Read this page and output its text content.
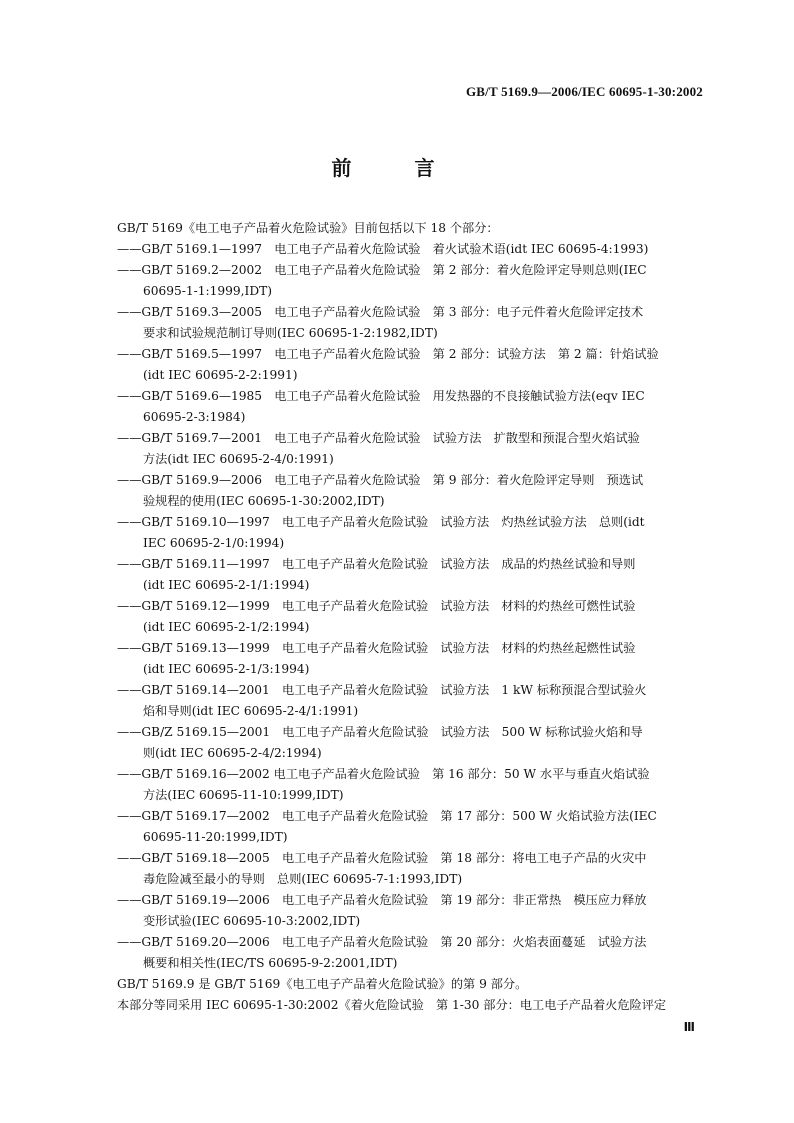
GB/T 5169.9—2006/IEC 60695-1-30:2002
前 言
GB/T 5169《电工电子产品着火危险试验》目前包括以下 18 个部分：
——GB/T 5169.1—1997　电工电子产品着火危险试验　着火试验术语(idt IEC 60695-4:1993)
——GB/T 5169.2—2002　电工电子产品着火危险试验　第 2 部分：着火危险评定导则总则(IEC
60695-1-1:1999,IDT)
——GB/T 5169.3—2005　电工电子产品着火危险试验　第 3 部分：电子元件着火危险评定技术
要求和试验规范制订导则(IEC 60695-1-2:1982,IDT)
——GB/T 5169.5—1997　电工电子产品着火危险试验　第 2 部分：试验方法　第 2 篇：针焰试验
(idt IEC 60695-2-2:1991)
——GB/T 5169.6—1985　电工电子产品着火危险试验　用发热器的不良接触试验方法(eqv IEC
60695-2-3:1984)
——GB/T 5169.7—2001　电工电子产品着火危险试验　试验方法　扩散型和预混合型火焰试验
方法(idt IEC 60695-2-4/0:1991)
——GB/T 5169.9—2006　电工电子产品着火危险试验　第 9 部分：着火危险评定导则　预选试
验规程的使用(IEC 60695-1-30:2002,IDT)
——GB/T 5169.10—1997　电工电子产品着火危险试验　试验方法　灼热丝试验方法　总则(idt
IEC 60695-2-1/0:1994)
——GB/T 5169.11—1997　电工电子产品着火危险试验　试验方法　成品的灼热丝试验和导则
(idt IEC 60695-2-1/1:1994)
——GB/T 5169.12—1999　电工电子产品着火危险试验　试验方法　材料的灼热丝可燃性试验
(idt IEC 60695-2-1/2:1994)
——GB/T 5169.13—1999　电工电子产品着火危险试验　试验方法　材料的灼热丝起燃性试验
(idt IEC 60695-2-1/3:1994)
——GB/T 5169.14—2001　电工电子产品着火危险试验　试验方法　1 kW 标称预混合型试验火
焰和导则(idt IEC 60695-2-4/1:1991)
——GB/Z 5169.15—2001　电工电子产品着火危险试验　试验方法　500 W 标称试验火焰和导
则(idt IEC 60695-2-4/2:1994)
——GB/T 5169.16—2002 电工电子产品着火危险试验　第 16 部分：50 W 水平与垂直火焰试验
方法(IEC 60695-11-10:1999,IDT)
——GB/T 5169.17—2002　电工电子产品着火危险试验　第 17 部分：500 W 火焰试验方法(IEC
60695-11-20:1999,IDT)
——GB/T 5169.18—2005　电工电子产品着火危险试验　第 18 部分：将电工电子产品的火灾中
毒危险减至最小的导则　总则(IEC 60695-7-1:1993,IDT)
——GB/T 5169.19—2006　电工电子产品着火危险试验　第 19 部分：非正常热　模压应力释放
变形试验(IEC 60695-10-3:2002,IDT)
——GB/T 5169.20—2006　电工电子产品着火危险试验　第 20 部分：火焰表面蔓延　试验方法
概要和相关性(IEC/TS 60695-9-2:2001,IDT)
GB/T 5169.9 是 GB/T 5169《电工电子产品着火危险试验》的第 9 部分。
本部分等同采用 IEC 60695-1-30:2002《着火危险试验　第 1-30 部分：电工电子产品着火危险评定
Ⅲ
